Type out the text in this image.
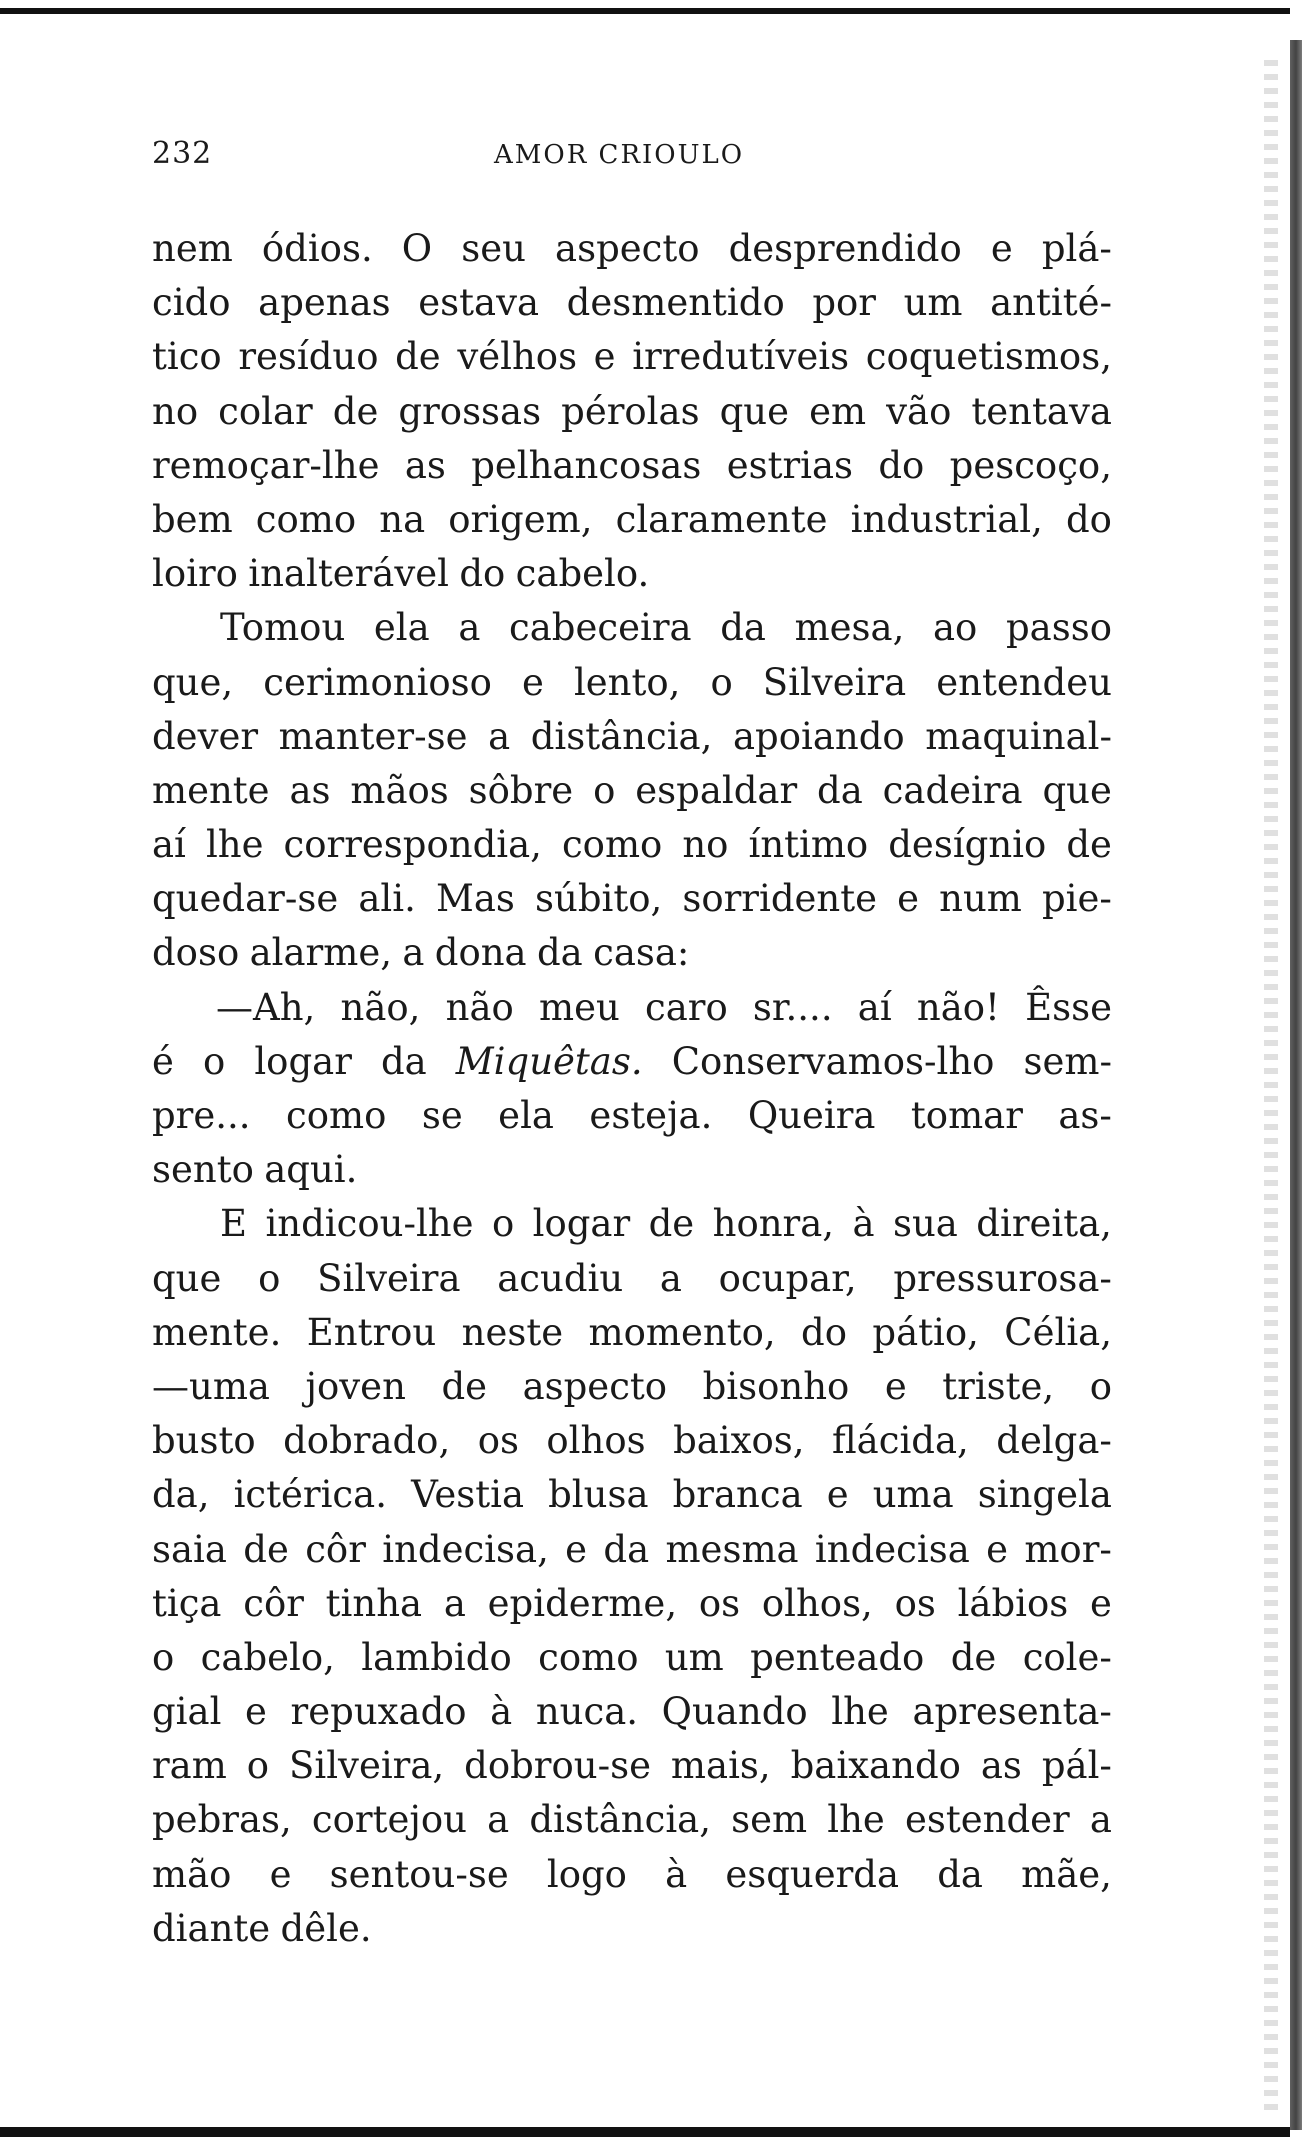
232	AMOR CRIOULO
nem ódios. O seu aspecto desprendido e plá-
cido apenas estava desmentido por um antité-
tico resíduo de vélhos e irredutíveis coquetismos,
no colar de grossas pérolas que em vão tentava
remoçar-lhe as pelhancosas estrias do pescoço,
bem como na origem, claramente industrial, do
loiro inalterável do cabelo.
Tomou ela a cabeceira da mesa, ao passo
que, cerimonioso e lento, o Silveira entendeu
dever manter-se a distância, apoiando maquinal-
mente as mãos sôbre o espaldar da cadeira que
aí lhe correspondia, como no íntimo desígnio de
quedar-se ali. Mas súbito, sorridente e num pie-
doso alarme, a dona da casa:
—Ah, não, não meu caro sr.... aí não! Êsse
é o logar da Miquêtas. Conservamos-lho sem-
pre... como se ela esteja. Queira tomar as-
sento aqui.
E indicou-lhe o logar de honra, à sua direita,
que o Silveira acudiu a ocupar, pressurosa-
mente. Entrou neste momento, do pátio, Célia,
—uma joven de aspecto bisonho e triste, o
busto dobrado, os olhos baixos, flácida, delga-
da, ictérica. Vestia blusa branca e uma singela
saia de côr indecisa, e da mesma indecisa e mor-
tiça côr tinha a epiderme, os olhos, os lábios e
o cabelo, lambido como um penteado de cole-
gial e repuxado à nuca. Quando lhe apresenta-
ram o Silveira, dobrou-se mais, baixando as pál-
pebras, cortejou a distância, sem lhe estender a
mão e sentou-se logo à esquerda da mãe,
diante dêle.
